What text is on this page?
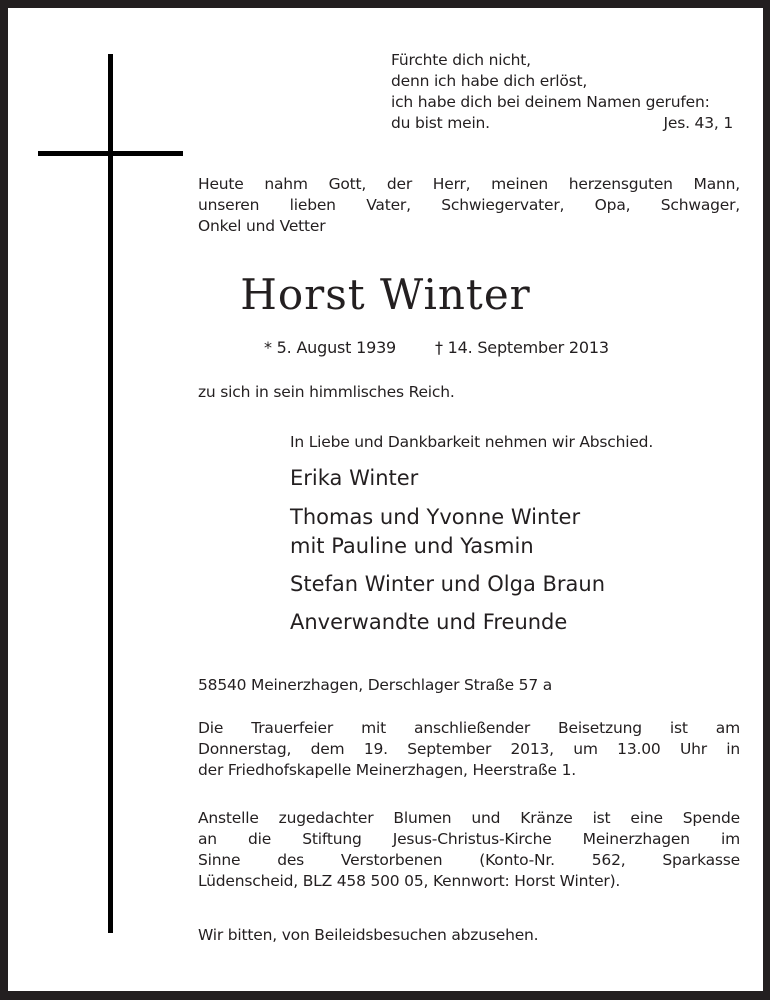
Fürchte dich nicht,
denn ich habe dich erlöst,
ich habe dich bei deinem Namen gerufen:
du bist mein.	Jes. 43, 1
Heute nahm Gott, der Herr, meinen herzensguten Mann,
unseren lieben Vater, Schwiegervater, Opa, Schwager,
Onkel und Vetter
Horst Winter
* 5. August 1939 † 14. September 2013
zu sich in sein himmlisches Reich.
In Liebe und Dankbarkeit nehmen wir Abschied.
Erika Winter
Thomas und Yvonne Winter
mit Pauline und Yasmin
Stefan Winter und Olga Braun
Anverwandte und Freunde
58540 Meinerzhagen, Derschlager Straße 57 a
Die Trauerfeier mit anschließender Beisetzung ist am
Donnerstag, dem 19. September 2013, um 13.00 Uhr in
der Friedhofskapelle Meinerzhagen, Heerstraße 1.
Anstelle zugedachter Blumen und Kränze ist eine Spende
an die Stiftung Jesus-Christus-Kirche Meinerzhagen im
Sinne des Verstorbenen (Konto-Nr. 562, Sparkasse
Lüdenscheid, BLZ 458 500 05, Kennwort: Horst Winter).
Wir bitten, von Beileidsbesuchen abzusehen.
